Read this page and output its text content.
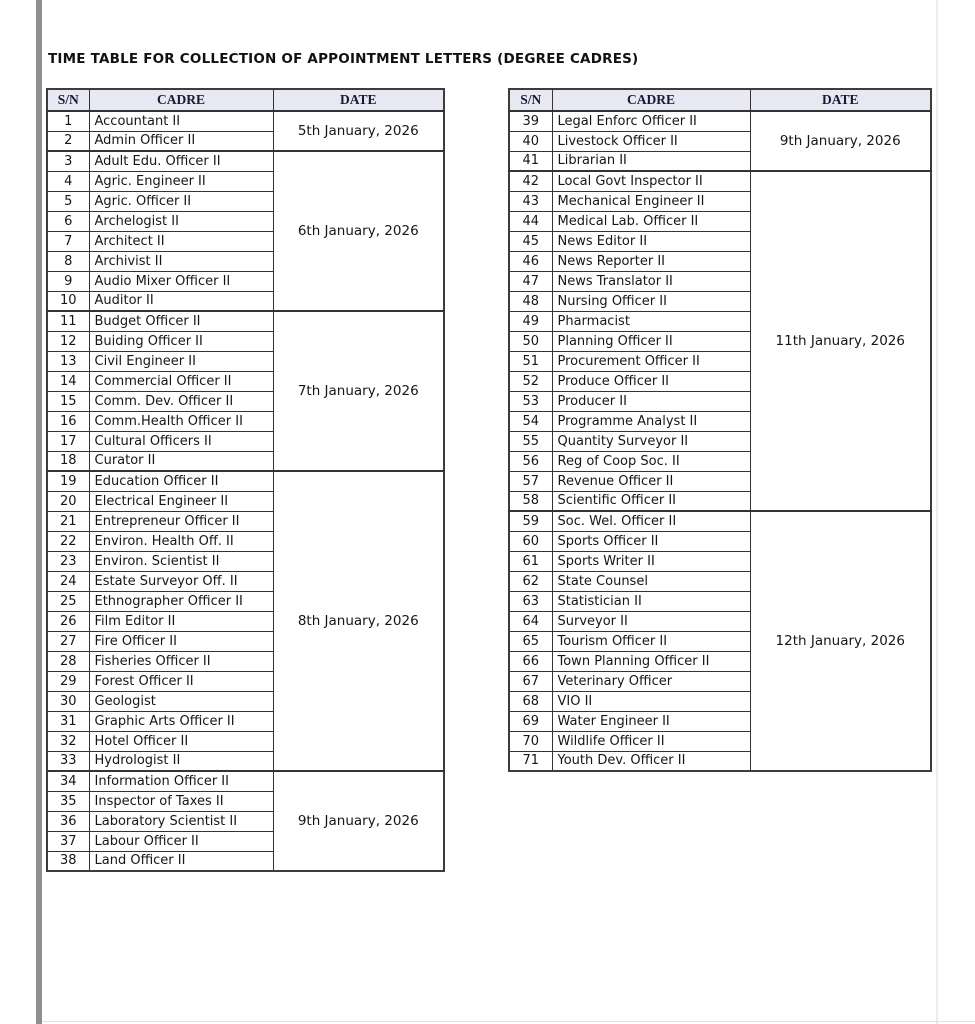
TIME TABLE FOR COLLECTION OF APPOINTMENT LETTERS (DEGREE CADRES)
S/N	CADRE	DATE
1	Accountant II	5th January, 2026
2	Admin Officer II	
3	Adult Edu. Officer II	6th January, 2026
4	Agric. Engineer II	
5	Agric. Officer II	
6	Archelogist II	
7	Architect II	
8	Archivist II	
9	Audio Mixer Officer II	
10	Auditor II	
11	Budget Officer II	7th January, 2026
12	Buiding Officer II	
13	Civil Engineer II	
14	Commercial Officer II	
15	Comm. Dev. Officer II	
16	Comm.Health Officer II	
17	Cultural Officers II	
18	Curator II	
19	Education Officer II	8th January, 2026
20	Electrical Engineer II	
21	Entrepreneur Officer II	
22	Environ. Health Off. II	
23	Environ. Scientist II	
24	Estate Surveyor Off. II	
25	Ethnographer Officer II	
26	Film Editor II	
27	Fire Officer II	
28	Fisheries Officer II	
29	Forest Officer II	
30	Geologist	
31	Graphic Arts Officer II	
32	Hotel Officer II	
33	Hydrologist II	
34	Information Officer II	9th January, 2026
35	Inspector of Taxes II	
36	Laboratory Scientist II	
37	Labour Officer II	
38	Land Officer II	
S/N	CADRE	DATE
39	Legal Enforc Officer II	9th January, 2026
40	Livestock Officer II	
41	Librarian II	
42	Local Govt Inspector II	11th January, 2026
43	Mechanical Engineer II	
44	Medical Lab. Officer II	
45	News Editor II	
46	News Reporter II	
47	News Translator II	
48	Nursing Officer II	
49	Pharmacist	
50	Planning Officer II	
51	Procurement Officer II	
52	Produce Officer II	
53	Producer II	
54	Programme Analyst II	
55	Quantity Surveyor II	
56	Reg of Coop Soc. II	
57	Revenue Officer II	
58	Scientific Officer II	
59	Soc. Wel. Officer II	12th January, 2026
60	Sports Officer II	
61	Sports Writer II	
62	State Counsel	
63	Statistician II	
64	Surveyor II	
65	Tourism Officer II	
66	Town Planning Officer II	
67	Veterinary Officer	
68	VIO II	
69	Water Engineer II	
70	Wildlife Officer II	
71	Youth Dev. Officer II	
